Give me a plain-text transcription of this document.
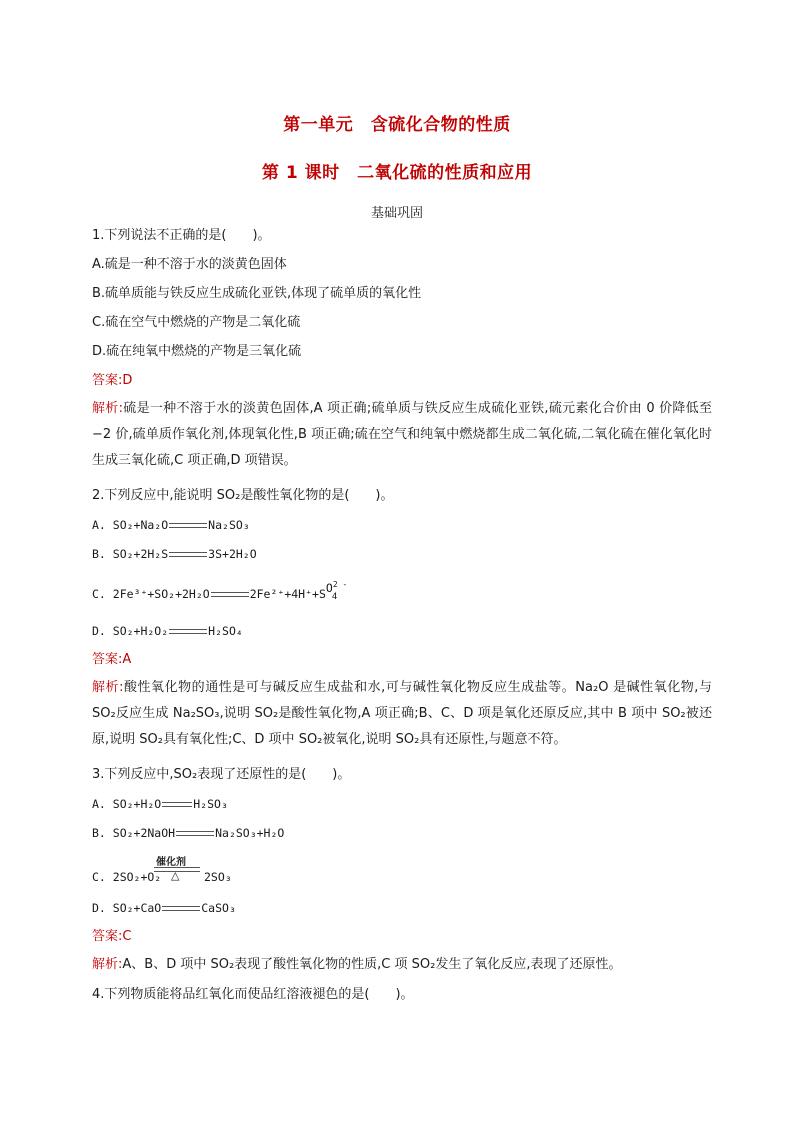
第一单元　含硫化合物的性质
第 1 课时　二氧化硫的性质和应用
基础巩固
1.下列说法不正确的是(　　)。
A.硫是一种不溶于水的淡黄色固体
B.硫单质能与铁反应生成硫化亚铁,体现了硫单质的氧化性
C.硫在空气中燃烧的产物是二氧化硫
D.硫在纯氧中燃烧的产物是三氧化硫
答案:D
解析:硫是一种不溶于水的淡黄色固体,A 项正确;硫单质与铁反应生成硫化亚铁,硫元素化合价由 0 价降低至−2 价,硫单质作氧化剂,体现氧化性,B 项正确;硫在空气和纯氧中燃烧都生成二氧化硫,二氧化硫在催化氧化时生成三氧化硫,C 项正确,D 项错误。
2.下列反应中,能说明 SO₂是酸性氧化物的是(　　)。
A. SO₂+Na₂O	Na₂SO₃
B. SO₂+2H₂S	3S+2H₂O
C. 2Fe³⁺+SO₂+2H₂O	2Fe²⁺+4H⁺+SO 2 -
4
D. SO₂+H₂O₂	H₂SO₄
答案:A
解析:酸性氧化物的通性是可与碱反应生成盐和水,可与碱性氧化物反应生成盐等。Na₂O 是碱性氧化物,与 SO₂反应生成 Na₂SO₃,说明 SO₂是酸性氧化物,A 项正确;B、C、D 项是氧化还原反应,其中 B 项中 SO₂被还原,说明 SO₂具有氧化性;C、D 项中 SO₂被氧化,说明 SO₂具有还原性,与题意不符。
3.下列反应中,SO₂表现了还原性的是(　　)。
A. SO₂+H₂O	H₂SO₃
B. SO₂+2NaOH	Na₂SO₃+H₂O
催化剂
△
C. 2SO₂+O₂	2SO₃
D. SO₂+CaO	CaSO₃
答案:C
解析:A、B、D 项中 SO₂表现了酸性氧化物的性质,C 项 SO₂发生了氧化反应,表现了还原性。
4.下列物质能将品红氧化而使品红溶液褪色的是(　　)。
